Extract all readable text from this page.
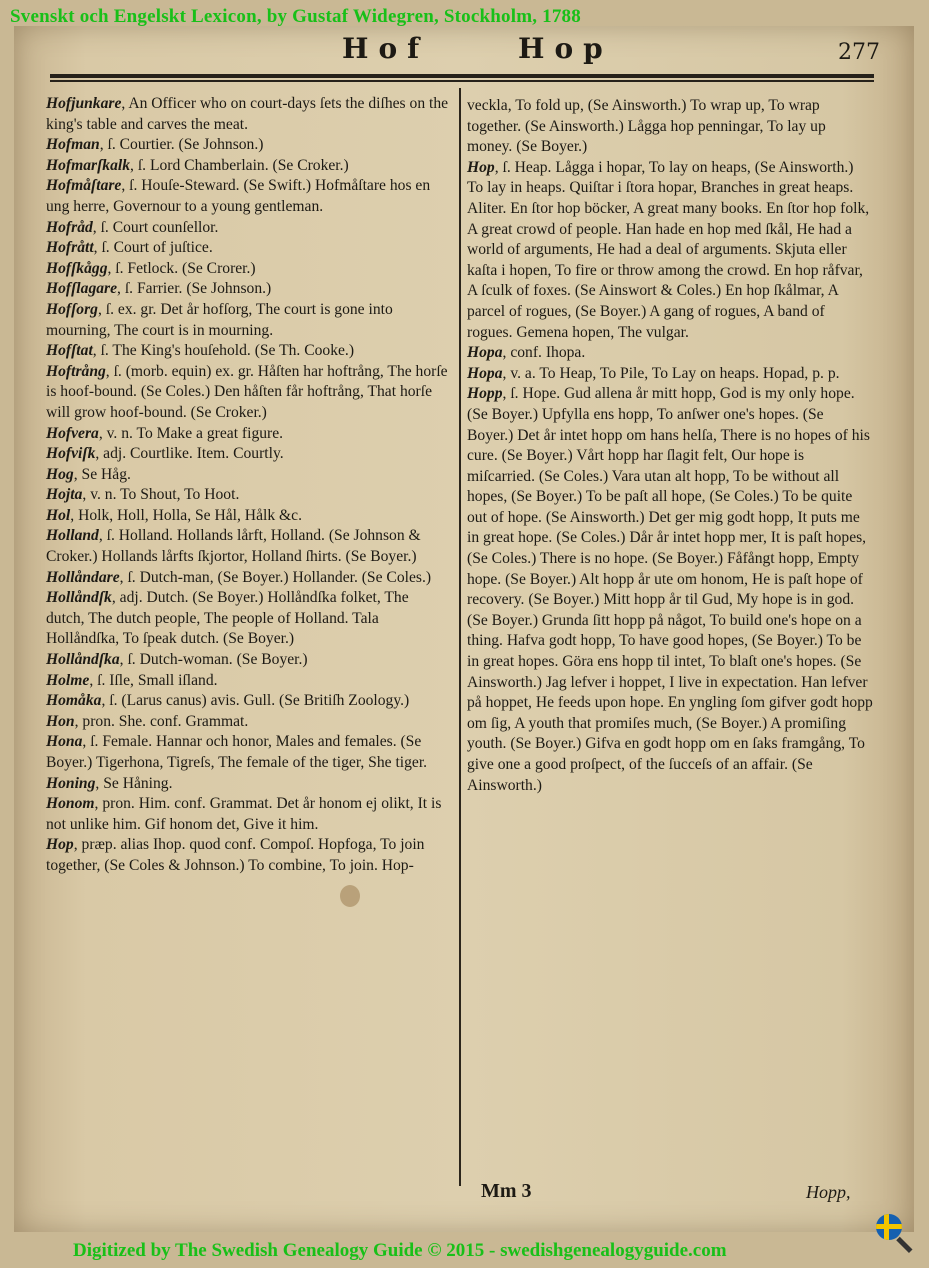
Svenskt och Engelskt Lexicon, by Gustaf Widegren, Stockholm, 1788
Hof	Hop	277
Hofjunkare, An Officer who on court-days ſets the diſhes on the king's table and carves the meat.
Hofman, ſ. Courtier. (Se Johnson.)
Hofmarſkalk, ſ. Lord Chamberlain. (Se Croker.)
Hofmåſtare, ſ. Houſe-Steward. (Se Swift.) Hofmåſtare hos en ung herre, Governour to a young gentleman.
Hofråd, ſ. Court counſellor.
Hofrått, ſ. Court of juſtice.
Hofſkågg, ſ. Fetlock. (Se Crorer.)
Hofſlagare, ſ. Farrier. (Se Johnson.)
Hofſorg, ſ. ex. gr. Det år hofſorg, The court is gone into mourning, The court is in mourning.
Hofſtat, ſ. The King's houſehold. (Se Th. Cooke.)
Hoftrång, ſ. (morb. equin) ex. gr. Håſten har hoftrång, The horſe is hoof-bound. (Se Coles.) Den håſten får hoftrång, That horſe will grow hoof-bound. (Se Croker.)
Hofvera, v. n. To Make a great figure.
Hofviſk, adj. Courtlike. Item. Courtly.
Hog, Se Håg.
Hojta, v. n. To Shout, To Hoot.
Hol, Holk, Holl, Holla, Se Hål, Hålk &c.
Holland, ſ. Holland. Hollands lårft, Holland. (Se Johnson & Croker.) Hollands lårfts ſkjortor, Holland ſhirts. (Se Boyer.)
Hollåndare, ſ. Dutch-man, (Se Boyer.) Hollander. (Se Coles.)
Hollåndſk, adj. Dutch. (Se Boyer.) Hollåndſka folket, The dutch, The dutch people, The people of Holland. Tala Hollåndſka, To ſpeak dutch. (Se Boyer.)
Hollåndſka, ſ. Dutch-woman. (Se Boyer.)
Holme, ſ. Iſle, Small iſland.
Homåka, ſ. (Larus canus) avis. Gull. (Se Britiſh Zoology.)
Hon, pron. She. conf. Grammat.
Hona, ſ. Female. Hannar och honor, Males and females. (Se Boyer.) Tigerhona, Tigreſs, The female of the tiger, She tiger.
Honing, Se Håning.
Honom, pron. Him. conf. Grammat. Det år honom ej olikt, It is not unlike him. Gif honom det, Give it him.
Hop, præp. alias Ihop. quod conf. Compoſ. Hopfoga, To join together, (Se Coles & Johnson.) To combine, To join. Hop-
veckla, To fold up, (Se Ainsworth.) To wrap up, To wrap together. (Se Ainsworth.) Lågga hop penningar, To lay up money. (Se Boyer.)
Hop, ſ. Heap. Lågga i hopar, To lay on heaps, (Se Ainsworth.) To lay in heaps. Quiſtar i ſtora hopar, Branches in great heaps. Aliter. En ſtor hop böcker, A great many books. En ſtor hop folk, A great crowd of people. Han hade en hop med ſkål, He had a world of arguments, He had a deal of arguments. Skjuta eller kaſta i hopen, To fire or throw among the crowd. En hop råfvar, A ſculk of foxes. (Se Ainswort & Coles.) En hop ſkålmar, A parcel of rogues, (Se Boyer.) A gang of rogues, A band of rogues. Gemena hopen, The vulgar.
Hopa, conf. Ihopa.
Hopa, v. a. To Heap, To Pile, To Lay on heaps. Hopad, p. p.
Hopp, ſ. Hope. Gud allena år mitt hopp, God is my only hope. (Se Boyer.) Upfylla ens hopp, To anſwer one's hopes. (Se Boyer.) Det år intet hopp om hans helſa, There is no hopes of his cure. (Se Boyer.) Vårt hopp har ſlagit felt, Our hope is miſcarried. (Se Coles.) Vara utan alt hopp, To be without all hopes, (Se Boyer.) To be paſt all hope, (Se Coles.) To be quite out of hope. (Se Ainsworth.) Det ger mig godt hopp, It puts me in great hope. (Se Coles.) Dår år intet hopp mer, It is paſt hopes, (Se Coles.) There is no hope. (Se Boyer.) Fåfångt hopp, Empty hope. (Se Boyer.) Alt hopp år ute om honom, He is paſt hope of recovery. (Se Boyer.) Mitt hopp år til Gud, My hope is in god. (Se Boyer.) Grunda ſitt hopp på något, To build one's hope on a thing. Hafva godt hopp, To have good hopes, (Se Boyer.) To be in great hopes. Göra ens hopp til intet, To blaſt one's hopes. (Se Ainsworth.) Jag lefver i hoppet, I live in expectation. Han lefver på hoppet, He feeds upon hope. En yngling ſom gifver godt hopp om ſig, A youth that promiſes much, (Se Boyer.) A promiſing youth. (Se Boyer.) Gifva en godt hopp om en ſaks framgång, To give one a good proſpect, of the ſucceſs of an affair. (Se Ainsworth.)
Mm 3	Hopp,
Digitized by The Swedish Genealogy Guide © 2015 - swedishgenealogyguide.com
